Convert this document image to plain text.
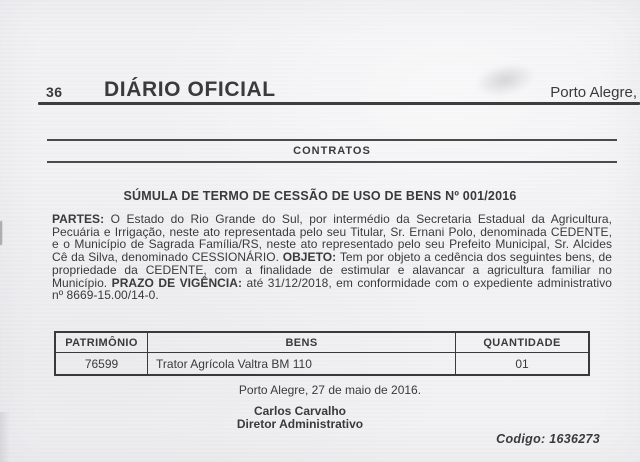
36 DIÁRIO OFICIAL	Porto Alegre,
CONTRATOS
SÚMULA DE TERMO DE CESSÃO DE USO DE BENS Nº 001/2016
PARTES: O Estado do Rio Grande do Sul, por intermédio da Secretaria Estadual da Agricultura, Pecuária e Irrigação, neste ato representada pelo seu Titular, Sr. Ernani Polo, denominada CEDENTE, e o Município de Sagrada Família/RS, neste ato representado pelo seu Prefeito Municipal, Sr. Alcides Cê da Silva, denominado CESSIONÁRIO. OBJETO: Tem por objeto a cedência dos seguintes bens, de propriedade da CEDENTE, com a finalidade de estimular e alavancar a agricultura familiar no Município. PRAZO DE VIGÊNCIA: até 31/12/2018, em conformidade com o expediente administrativo nº 8669-15.00/14-0.
PATRIMÔNIO	BENS	QUANTIDADE
76599	Trator Agrícola Valtra BM 110	01
Porto Alegre, 27 de maio de 2016.
Carlos Carvalho
Diretor Administrativo
Codigo: 1636273
